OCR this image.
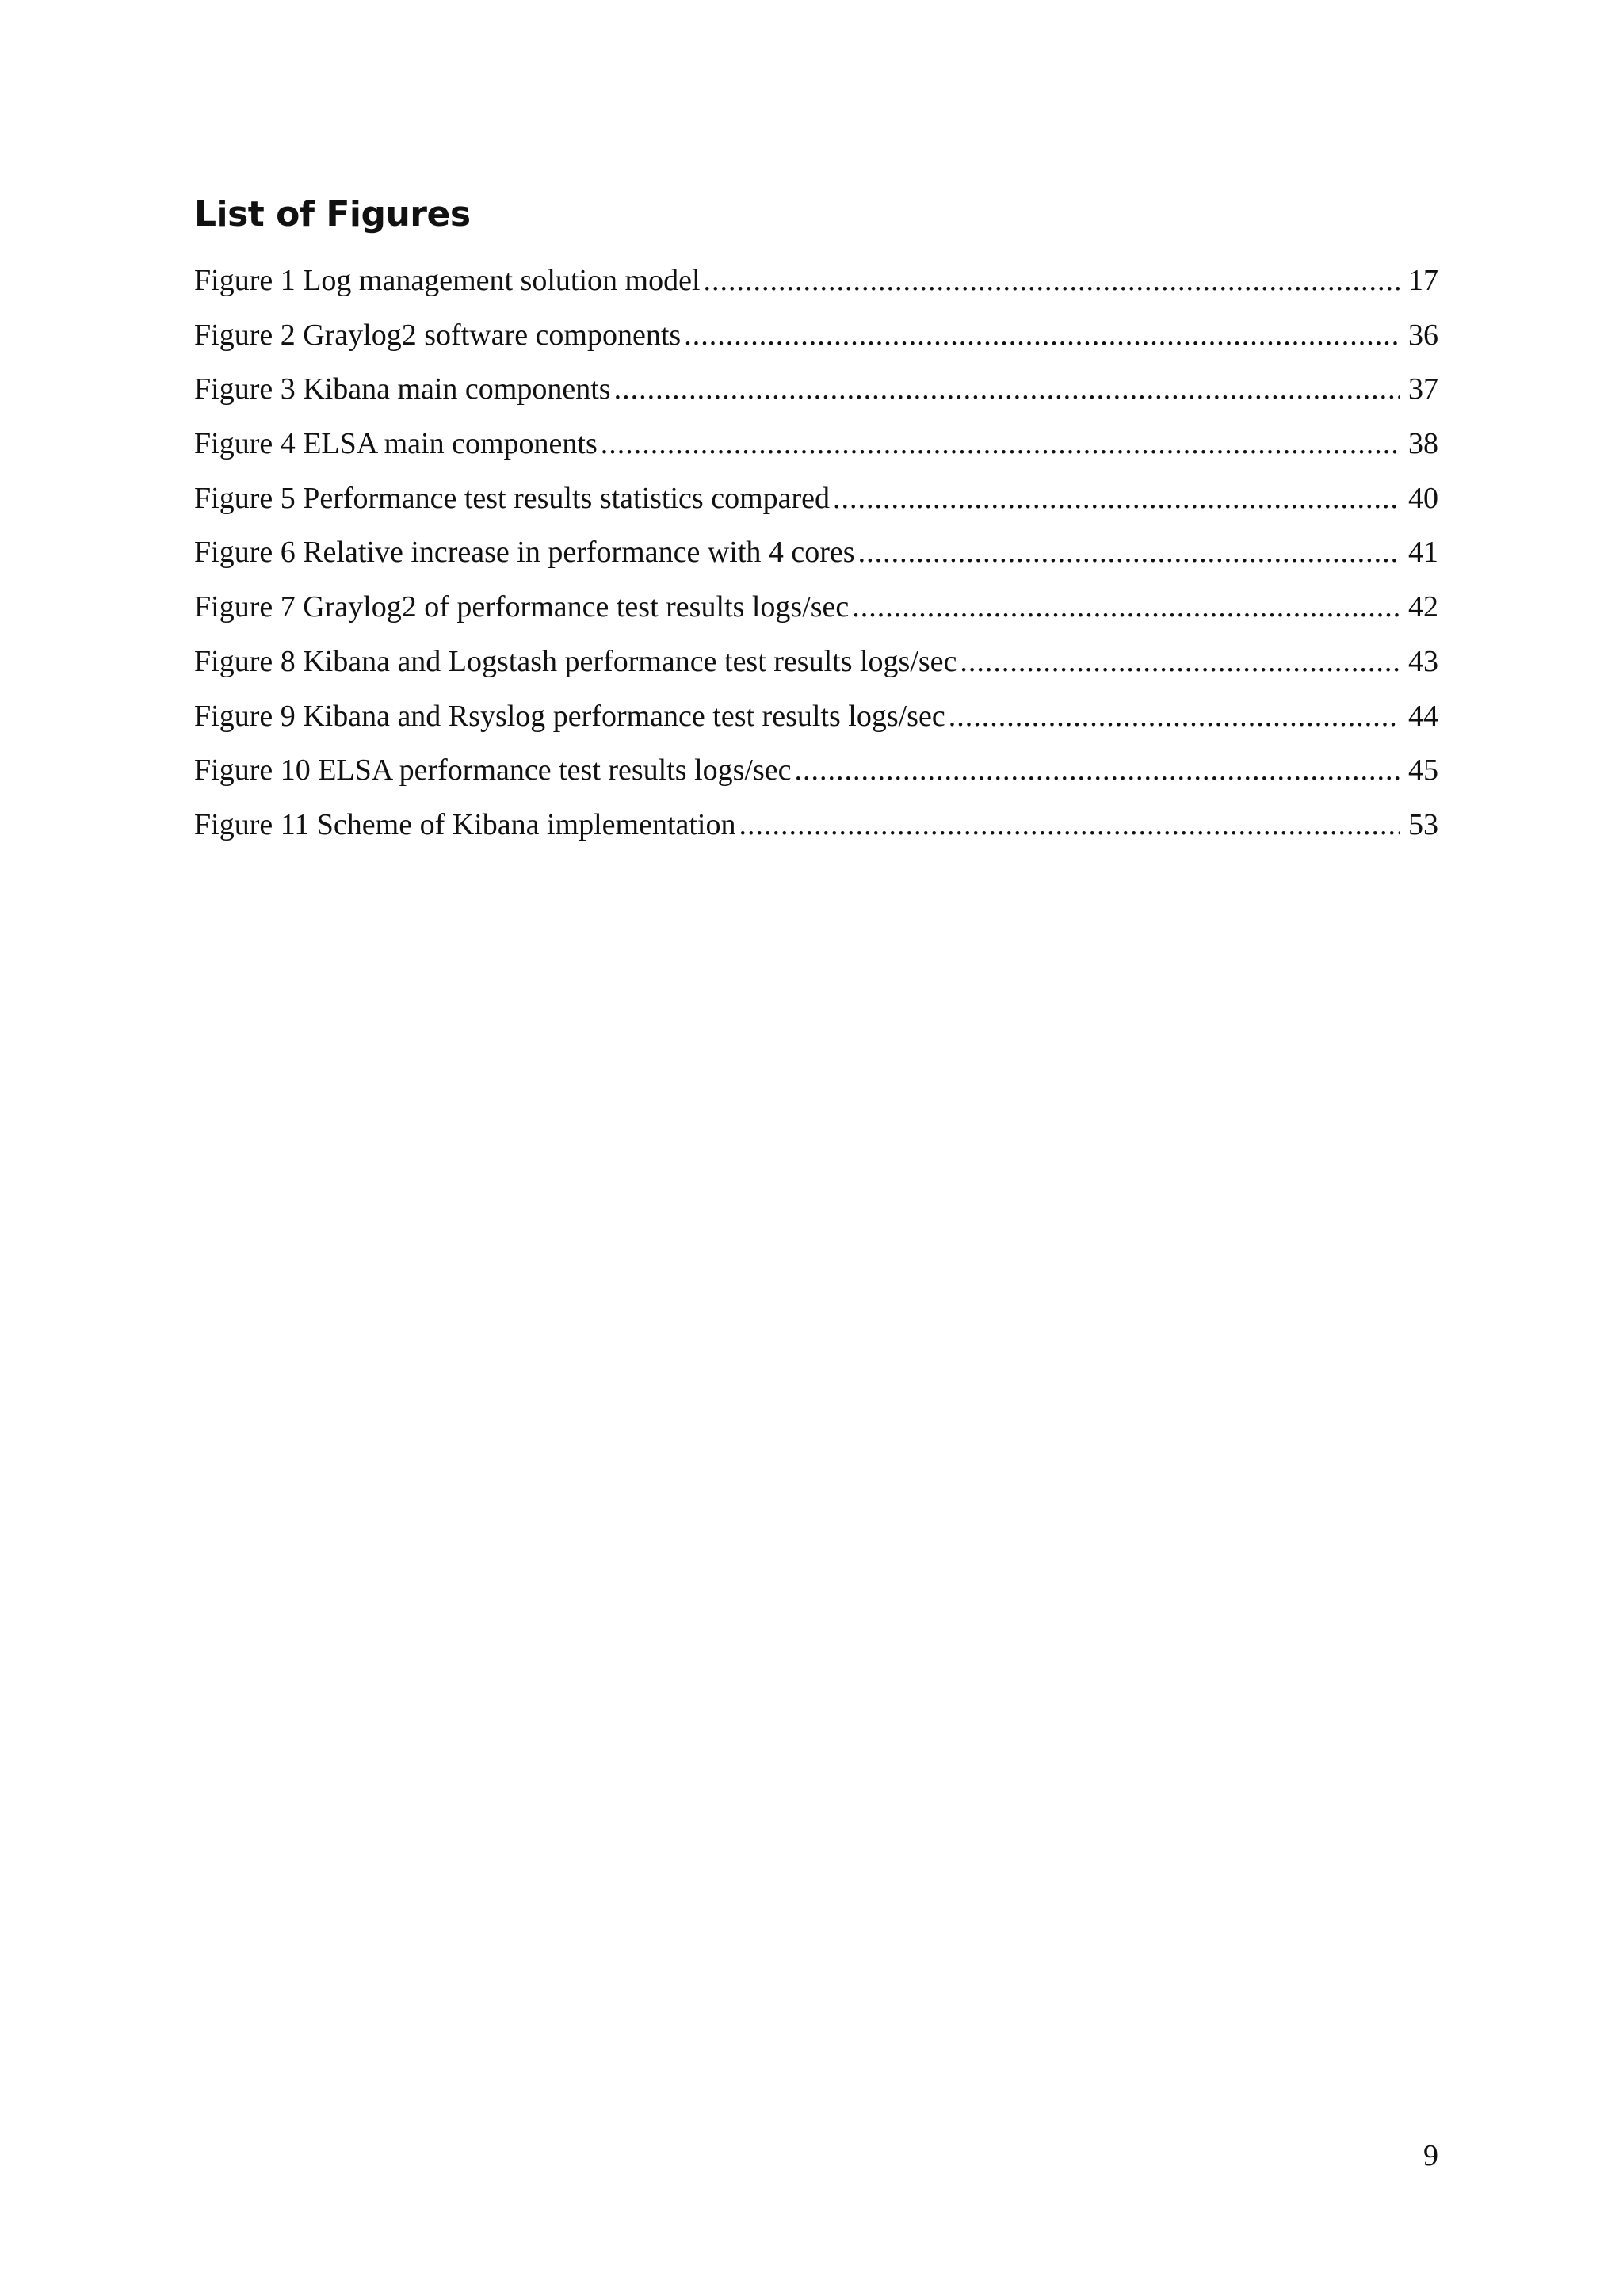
List of Figures
Figure 1 Log management solution model .....	17
Figure 2 Graylog2 software components .....	36
Figure 3 Kibana main components .....	37
Figure 4 ELSA main components .....	38
Figure 5 Performance test results statistics compared .....	40
Figure 6 Relative increase in performance with 4 cores .....	41
Figure 7 Graylog2 of performance test results logs/sec .....	42
Figure 8 Kibana and Logstash performance test results logs/sec .....	43
Figure 9 Kibana and Rsyslog performance test results logs/sec .....	44
Figure 10 ELSA performance test results logs/sec .....	45
Figure 11 Scheme of Kibana implementation .....	53

9
